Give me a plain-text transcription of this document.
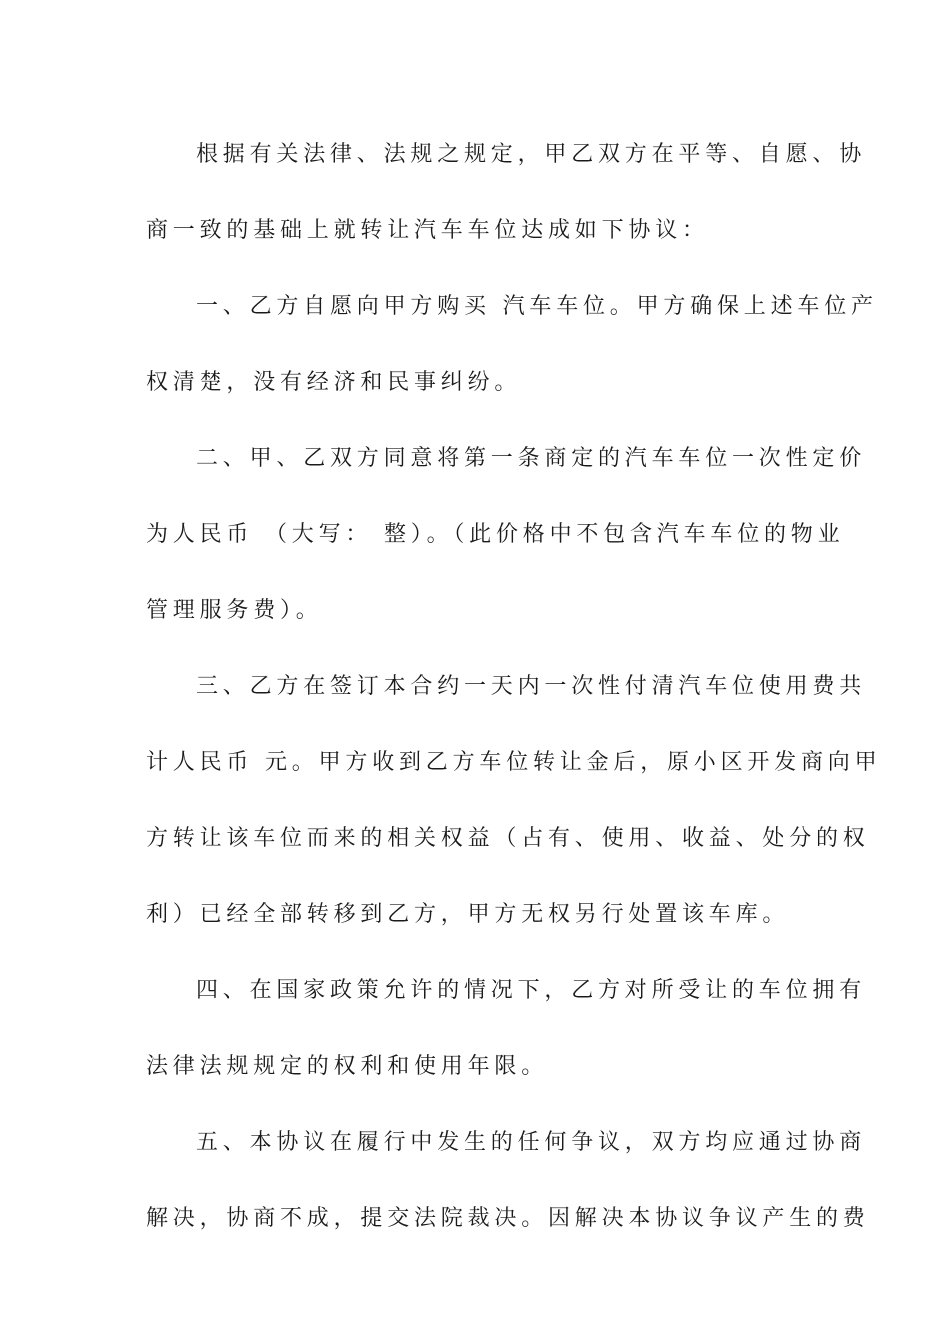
根据有关法律、法规之规定，甲乙双方在平等、自愿、协
商一致的基础上就转让汽车车位达成如下协议：
一、乙方自愿向甲方购买 汽车车位。甲方确保上述车位产
权清楚，没有经济和民事纠纷。
二、甲、乙双方同意将第一条商定的汽车车位一次性定价
为人民币 （大写： 整）。（此价格中不包含汽车车位的物业
管理服务费）。
三、乙方在签订本合约一天内一次性付清汽车位使用费共
计人民币 元。甲方收到乙方车位转让金后，原小区开发商向甲
方转让该车位而来的相关权益（占有、使用、收益、处分的权
利）已经全部转移到乙方，甲方无权另行处置该车库。
四、在国家政策允许的情况下，乙方对所受让的车位拥有
法律法规规定的权利和使用年限。
五、本协议在履行中发生的任何争议，双方均应通过协商
解决，协商不成，提交法院裁决。因解决本协议争议产生的费
